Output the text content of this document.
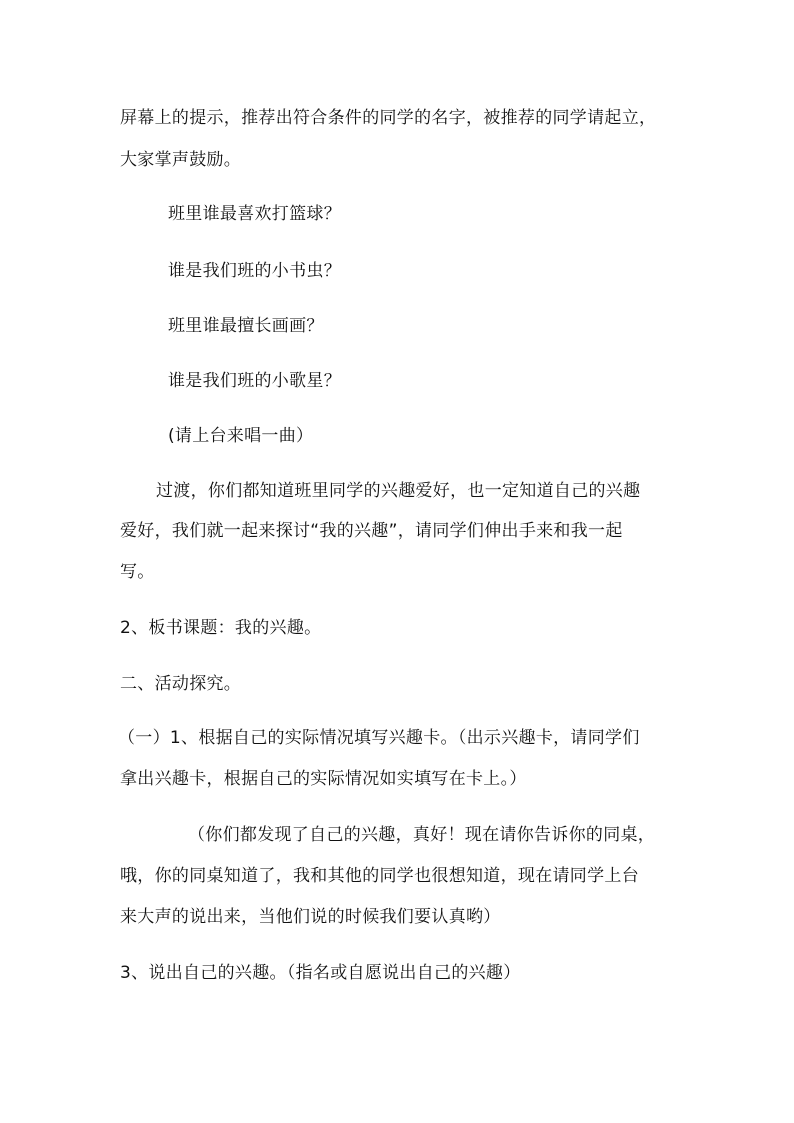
屏幕上的提示，推荐出符合条件的同学的名字，被推荐的同学请起立，
大家掌声鼓励。
班里谁最喜欢打篮球？
谁是我们班的小书虫？
班里谁最擅长画画？
谁是我们班的小歌星？
(请上台来唱一曲）
过渡，你们都知道班里同学的兴趣爱好，也一定知道自己的兴趣
爱好，我们就一起来探讨“我的兴趣”，请同学们伸出手来和我一起
写。
2、板书课题：我的兴趣。
二、活动探究。
（一）1、根据自己的实际情况填写兴趣卡。（出示兴趣卡，请同学们
拿出兴趣卡，根据自己的实际情况如实填写在卡上。）
（你们都发现了自己的兴趣，真好！现在请你告诉你的同桌，
哦，你的同桌知道了，我和其他的同学也很想知道，现在请同学上台
来大声的说出来，当他们说的时候我们要认真哟）
3、说出自己的兴趣。（指名或自愿说出自己的兴趣）
